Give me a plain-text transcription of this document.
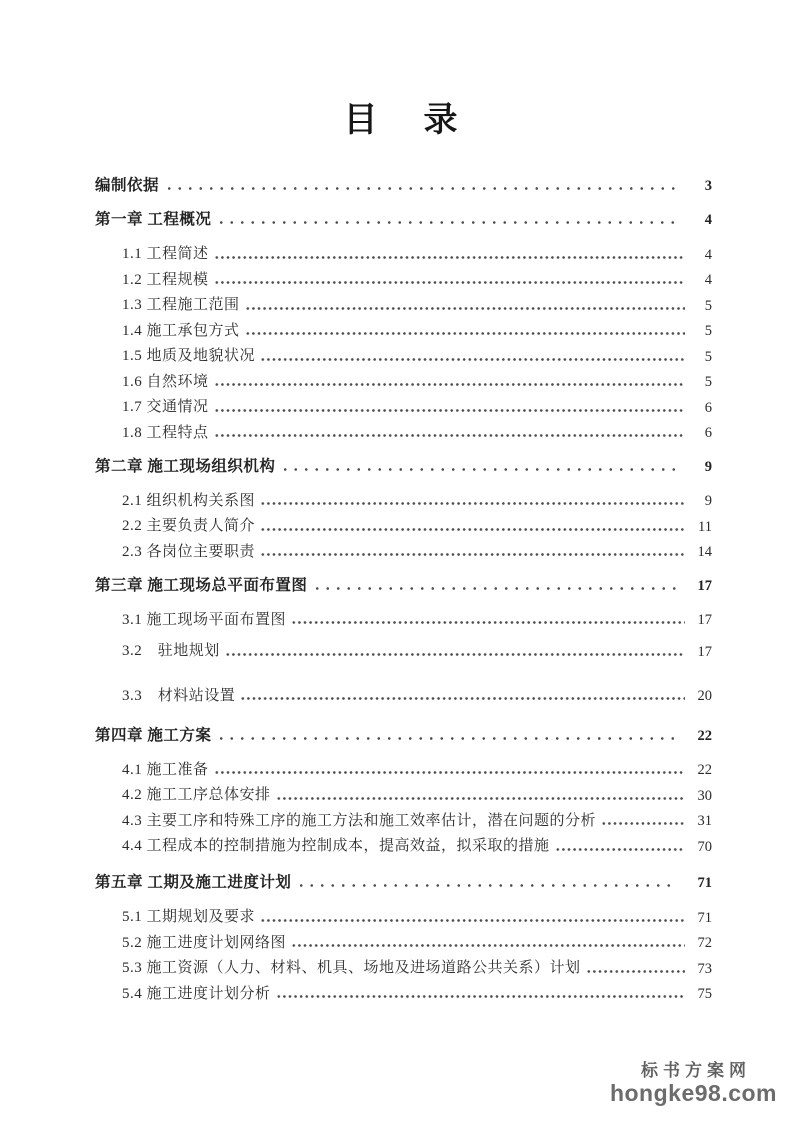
目　录
编制依据	3
第一章 工程概况	4
1.1 工程简述	4
1.2 工程规模	4
1.3 工程施工范围	5
1.4 施工承包方式	5
1.5 地质及地貌状况	5
1.6 自然环境	5
1.7 交通情况	6
1.8 工程特点	6
第二章 施工现场组织机构	9
2.1 组织机构关系图	9
2.2 主要负责人简介	11
2.3 各岗位主要职责	14
第三章 施工现场总平面布置图	17
3.1 施工现场平面布置图	17
3.2　驻地规划	17
3.3　材料站设置	20
第四章 施工方案	22
4.1 施工准备	22
4.2 施工工序总体安排	30
4.3 主要工序和特殊工序的施工方法和施工效率估计，潜在问题的分析	31
4.4 工程成本的控制措施为控制成本，提高效益，拟采取的措施	70
第五章 工期及施工进度计划	71
5.1 工期规划及要求	71
5.2 施工进度计划网络图	72
5.3 施工资源（人力、材料、机具、场地及进场道路公共关系）计划	73
5.4 施工进度计划分析	75
标书方案网
hongke98.com
